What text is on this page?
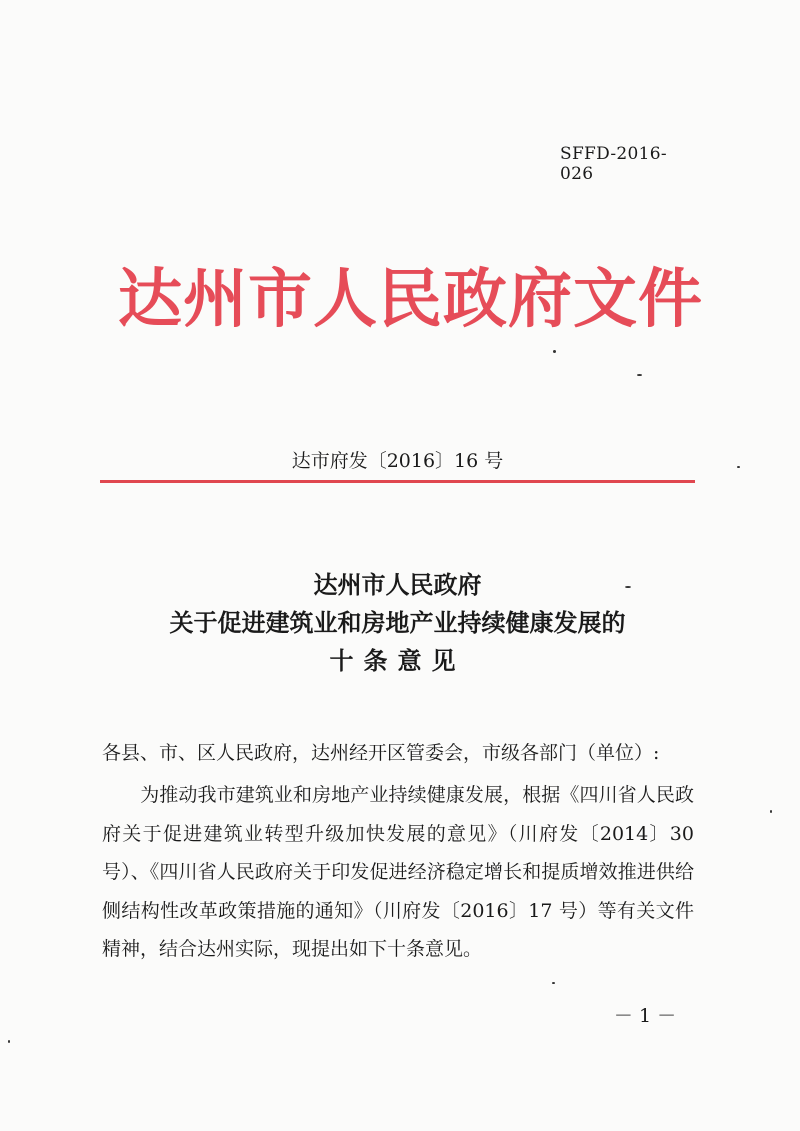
SFFD-2016-026
达州市人民政府文件
达市府发〔2016〕16 号
达州市人民政府
关于促进建筑业和房地产业持续健康发展的
十条意见
各县、市、区人民政府，达州经开区管委会，市级各部门（单位）:
　　为推动我市建筑业和房地产业持续健康发展，根据《四川省人民政府关于促进建筑业转型升级加快发展的意见》（川府发〔2014〕30 号）、《四川省人民政府关于印发促进经济稳定增长和提质增效推进供给侧结构性改革政策措施的通知》（川府发〔2016〕17 号）等有关文件精神，结合达州实际，现提出如下十条意见。
－ 1 －
